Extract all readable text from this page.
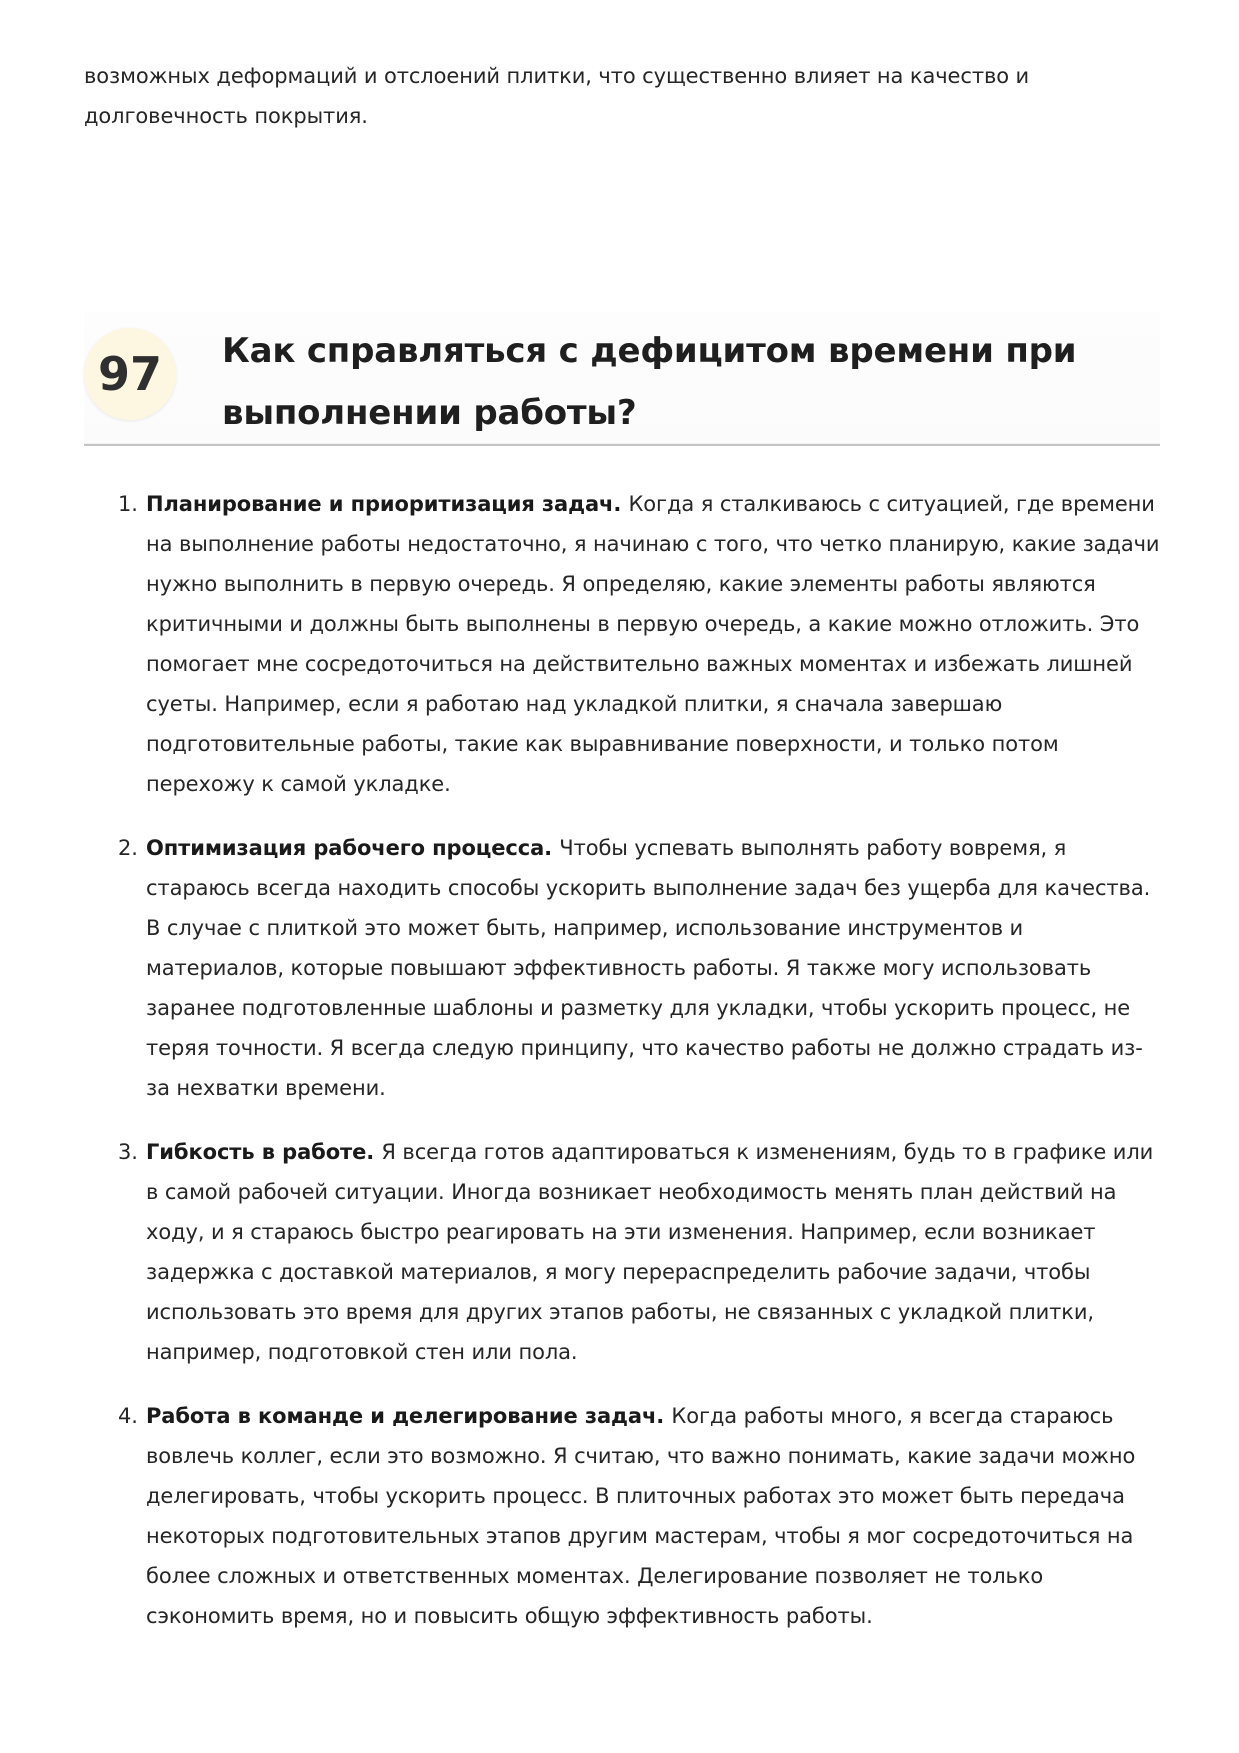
возможных деформаций и отслоений плитки, что существенно влияет на качество и долговечность покрытия.

97	Как справляться с дефицитом времени при выполнении работы?
1. Планирование и приоритизация задач. Когда я сталкиваюсь с ситуацией, где времени на выполнение работы недостаточно, я начинаю с того, что четко планирую, какие задачи нужно выполнить в первую очередь. Я определяю, какие элементы работы являются критичными и должны быть выполнены в первую очередь, а какие можно отложить. Это помогает мне сосредоточиться на действительно важных моментах и избежать лишней суеты. Например, если я работаю над укладкой плитки, я сначала завершаю подготовительные работы, такие как выравнивание поверхности, и только потом перехожу к самой укладке.
2. Оптимизация рабочего процесса. Чтобы успевать выполнять работу вовремя, я стараюсь всегда находить способы ускорить выполнение задач без ущерба для качества. В случае с плиткой это может быть, например, использование инструментов и материалов, которые повышают эффективность работы. Я также могу использовать заранее подготовленные шаблоны и разметку для укладки, чтобы ускорить процесс, не теряя точности. Я всегда следую принципу, что качество работы не должно страдать из-за нехватки времени.
3. Гибкость в работе. Я всегда готов адаптироваться к изменениям, будь то в графике или в самой рабочей ситуации. Иногда возникает необходимость менять план действий на ходу, и я стараюсь быстро реагировать на эти изменения. Например, если возникает задержка с доставкой материалов, я могу перераспределить рабочие задачи, чтобы использовать это время для других этапов работы, не связанных с укладкой плитки, например, подготовкой стен или пола.
4. Работа в команде и делегирование задач. Когда работы много, я всегда стараюсь вовлечь коллег, если это возможно. Я считаю, что важно понимать, какие задачи можно делегировать, чтобы ускорить процесс. В плиточных работах это может быть передача некоторых подготовительных этапов другим мастерам, чтобы я мог сосредоточиться на более сложных и ответственных моментах. Делегирование позволяет не только сэкономить время, но и повысить общую эффективность работы.
